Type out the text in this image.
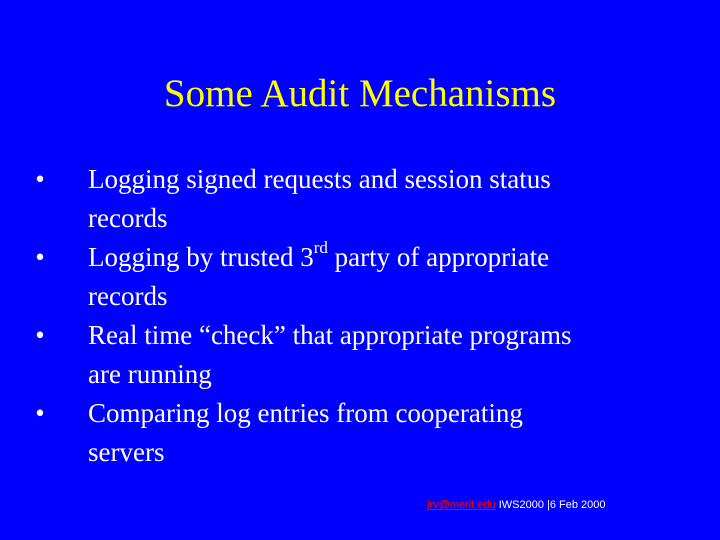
Some Audit Mechanisms
• Logging signed requests and session status
records
• Logging by trusted 3rd party of appropriate
records
• Real time “check” that appropriate programs
are running
• Comparing log entries from cooperating
servers
jrv@merit.edu IWS2000 |6 Feb 2000
